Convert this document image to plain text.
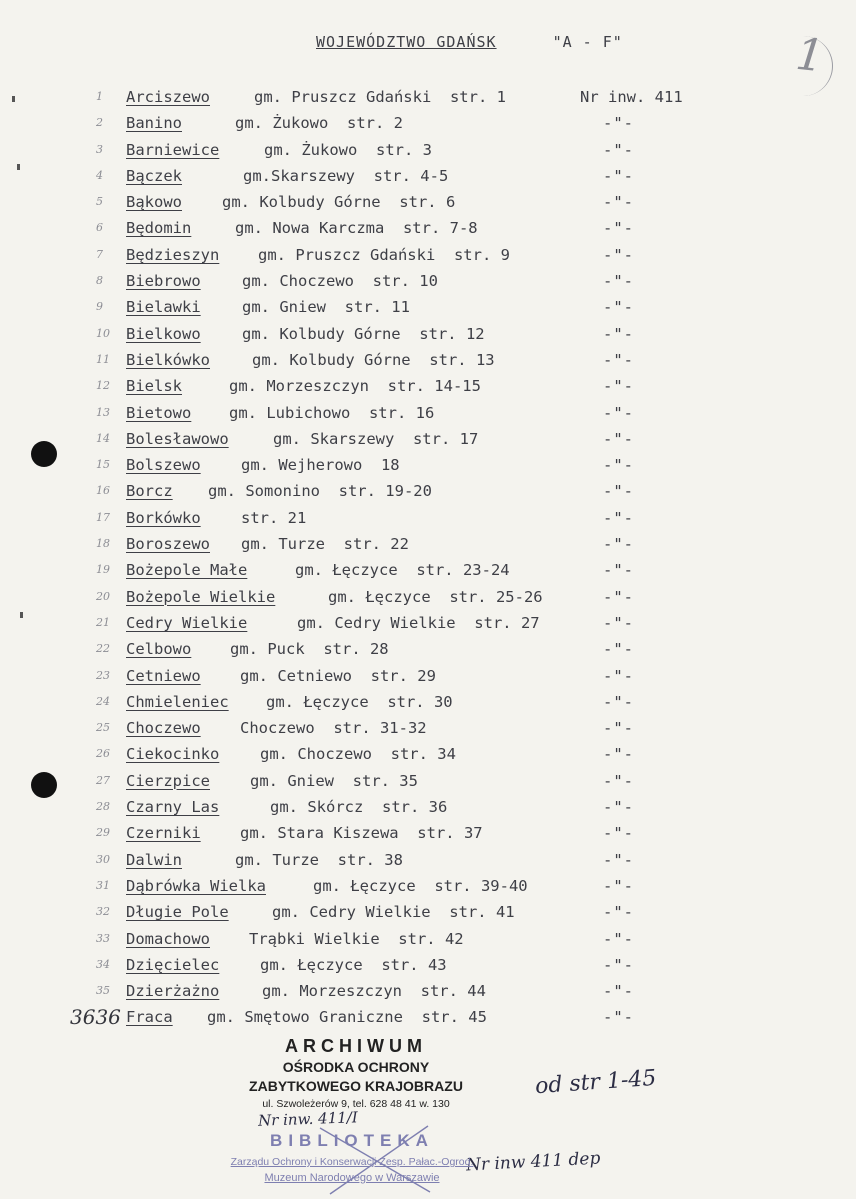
WOJEWÓDZTWO GDAŃSK	"A - F"	1
1	Arciszewo	gm. Pruszcz Gdański  str. 1	Nr inw. 411
2	Banino	gm. Żukowo  str. 2	-"-
3	Barniewice	gm. Żukowo  str. 3	-"-
4	Bączek	gm.Skarszewy  str. 4-5	-"-
5	Bąkowo	gm. Kolbudy Górne  str. 6	-"-
6	Będomin	gm. Nowa Karczma  str. 7-8	-"-
7	Będzieszyn gm. Pruszcz Gdański  str. 9	-"-
8	Biebrowo	gm. Choczewo  str. 10	-"-
9	Bielawki	gm. Gniew  str. 11	-"-
10	Bielkowo	gm. Kolbudy Górne  str. 12	-"-
11	Bielkówko	gm. Kolbudy Górne  str. 13	-"-
12	Bielsk	gm. Morzeszczyn  str. 14-15	-"-
13	Bietowo gm. Lubichowo  str. 16	-"-
14	Bolesławowo	gm. Skarszewy  str. 17	-"-
15	Bolszewo	gm. Wejherowo  18	-"-
16	Borcz gm. Somonino  str. 19-20	-"-
17	Borkówko	str. 21	-"-
18	Boroszewo gm. Turze  str. 22	-"-
19	Bożepole Małe	gm. Łęczyce  str. 23-24	-"-
20	Bożepole Wielkie	gm. Łęczyce  str. 25-26	-"-
21	Cedry Wielkie	gm. Cedry Wielkie  str. 27	-"-
22	Celbowo gm. Puck  str. 28	-"-
23	Cetniewo	gm. Cetniewo  str. 29	-"-
24	Chmieleniec gm. Łęczyce  str. 30	-"-
25	Choczewo	Choczewo  str. 31-32	-"-
26	Ciekocinko	gm. Choczewo  str. 34	-"-
27	Cierzpice	gm. Gniew  str. 35	-"-
28	Czarny Las	gm. Skórcz  str. 36	-"-
29	Czerniki	gm. Stara Kiszewa  str. 37	-"-
30	Dalwin	gm. Turze  str. 38	-"-
31	Dąbrówka Wielka	gm. Łęczyce  str. 39-40	-"-
32	Długie Pole	gm. Cedry Wielkie  str. 41	-"-
33	Domachowo	Trąbki Wielkie  str. 42	-"-
34	Dzięcielec	gm. Łęczyce  str. 43	-"-
35	Dzierżażno	gm. Morzeszczyn  str. 44	-"-
3636 Fraca gm. Smętowo Graniczne  str. 45	-"-
ARCHIWUM
OŚRODKA OCHRONY
ZABYTKOWEGO KRAJOBRAZU
ul. Szwoleżerów 9, tel. 628 48 41 w. 130
od str 1-45
Nr inw. 411/I
Nr inw 411 dep
BIBLIOTEKA
Zarządu Ochrony i Konserwacji Zesp. Pałac.-Ogrod.
Muzeum Narodowego w Warszawie
